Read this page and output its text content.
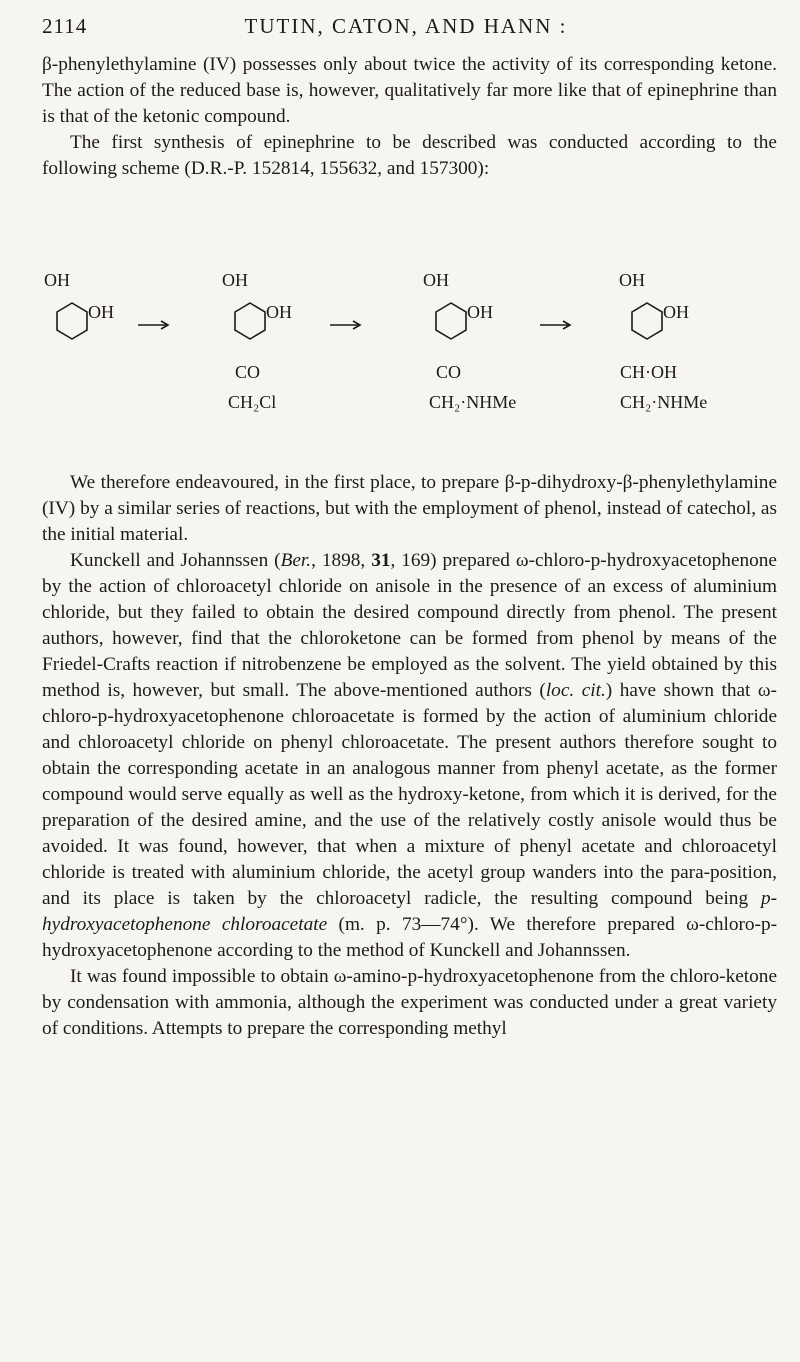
2114	TUTIN, CATON, AND HANN :

β-phenylethylamine (IV) possesses only about twice the activity of its corresponding ketone. The action of the reduced base is, however, qualitatively far more like that of epinephrine than is that of the ketonic compound.

The first synthesis of epinephrine to be described was conducted according to the following scheme (D.R.-P. 152814, 155632, and 157300):

OH
OH
OH
OH
CO
CH₂Cl
OH
OH
CO
CH₂·NHMe
OH
OH
CH·OH
CH₂·NHMe

We therefore endeavoured, in the first place, to prepare β-p-dihydroxy-β-phenylethylamine (IV) by a similar series of reactions, but with the employment of phenol, instead of catechol, as the initial material.

Kunckell and Johannssen (Ber., 1898, 31, 169) prepared ω-chloro-p-hydroxyacetophenone by the action of chloroacetyl chloride on anisole in the presence of an excess of aluminium chloride, but they failed to obtain the desired compound directly from phenol. The present authors, however, find that the chloroketone can be formed from phenol by means of the Friedel-Crafts reaction if nitrobenzene be employed as the solvent. The yield obtained by this method is, however, but small. The above-mentioned authors (loc. cit.) have shown that ω-chloro-p-hydroxyacetophenone chloroacetate is formed by the action of aluminium chloride and chloroacetyl chloride on phenyl chloroacetate. The present authors therefore sought to obtain the corresponding acetate in an analogous manner from phenyl acetate, as the former compound would serve equally as well as the hydroxy-ketone, from which it is derived, for the preparation of the desired amine, and the use of the relatively costly anisole would thus be avoided. It was found, however, that when a mixture of phenyl acetate and chloroacetyl chloride is treated with aluminium chloride, the acetyl group wanders into the para-position, and its place is taken by the chloroacetyl radicle, the resulting compound being p-hydroxyacetophenone chloroacetate (m. p. 73—74°). We therefore prepared ω-chloro-p-hydroxyacetophenone according to the method of Kunckell and Johannssen.

It was found impossible to obtain ω-amino-p-hydroxyacetophenone from the chloro-ketone by condensation with ammonia, although the experiment was conducted under a great variety of conditions. Attempts to prepare the corresponding methyl
